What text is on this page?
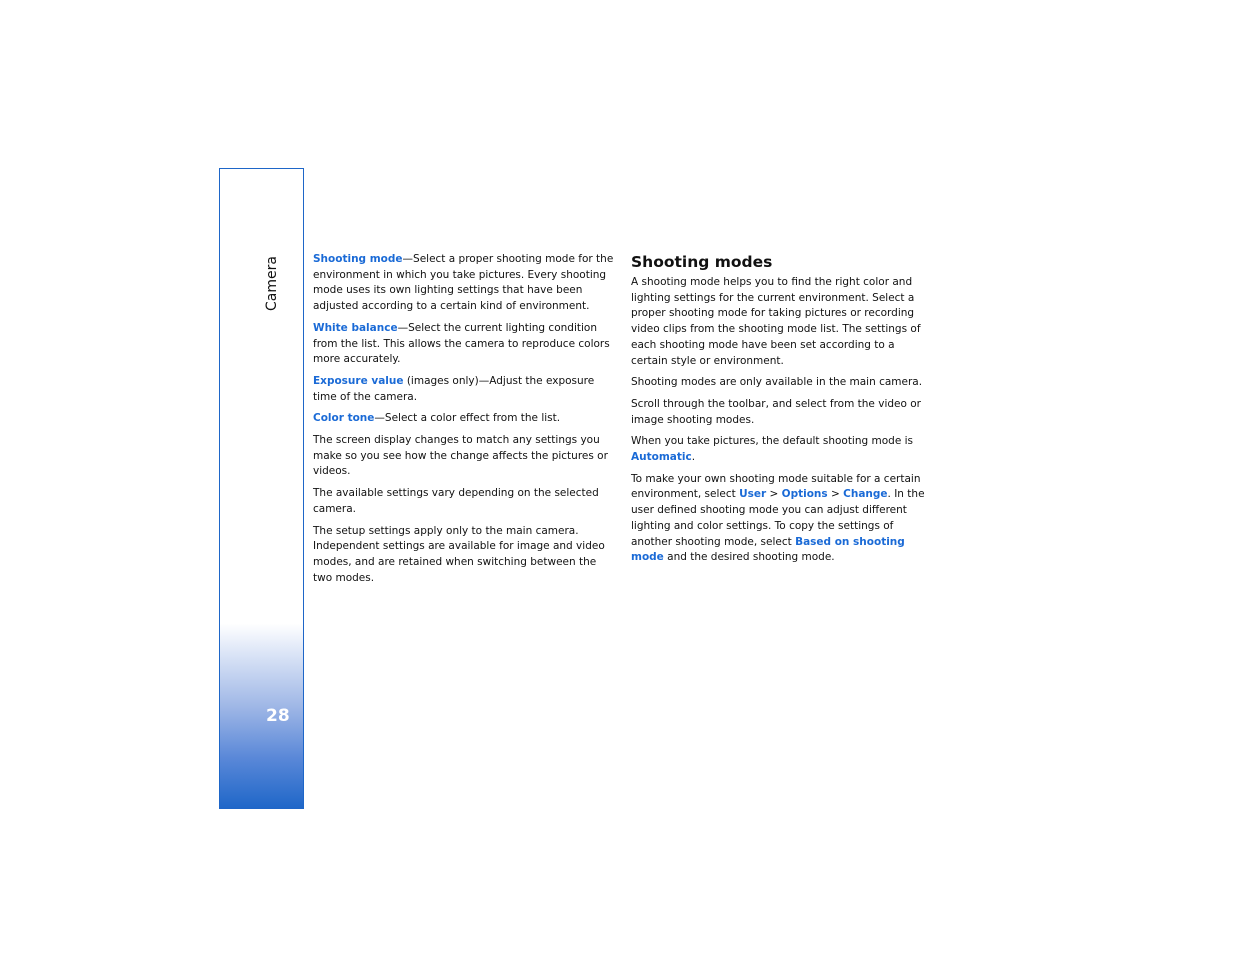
Camera
28

Shooting mode—Select a proper shooting mode for the environment in which you take pictures. Every shooting mode uses its own lighting settings that have been adjusted according to a certain kind of environment.

White balance—Select the current lighting condition from the list. This allows the camera to reproduce colors more accurately.

Exposure value (images only)—Adjust the exposure time of the camera.

Color tone—Select a color effect from the list.

The screen display changes to match any settings you make so you see how the change affects the pictures or videos.

The available settings vary depending on the selected camera.

The setup settings apply only to the main camera. Independent settings are available for image and video modes, and are retained when switching between the two modes.

Shooting modes

A shooting mode helps you to find the right color and lighting settings for the current environment. Select a proper shooting mode for taking pictures or recording video clips from the shooting mode list. The settings of each shooting mode have been set according to a certain style or environment.

Shooting modes are only available in the main camera.

Scroll through the toolbar, and select from the video or image shooting modes.

When you take pictures, the default shooting mode is Automatic.

To make your own shooting mode suitable for a certain environment, select User > Options > Change. In the user defined shooting mode you can adjust different lighting and color settings. To copy the settings of another shooting mode, select Based on shooting mode and the desired shooting mode.
